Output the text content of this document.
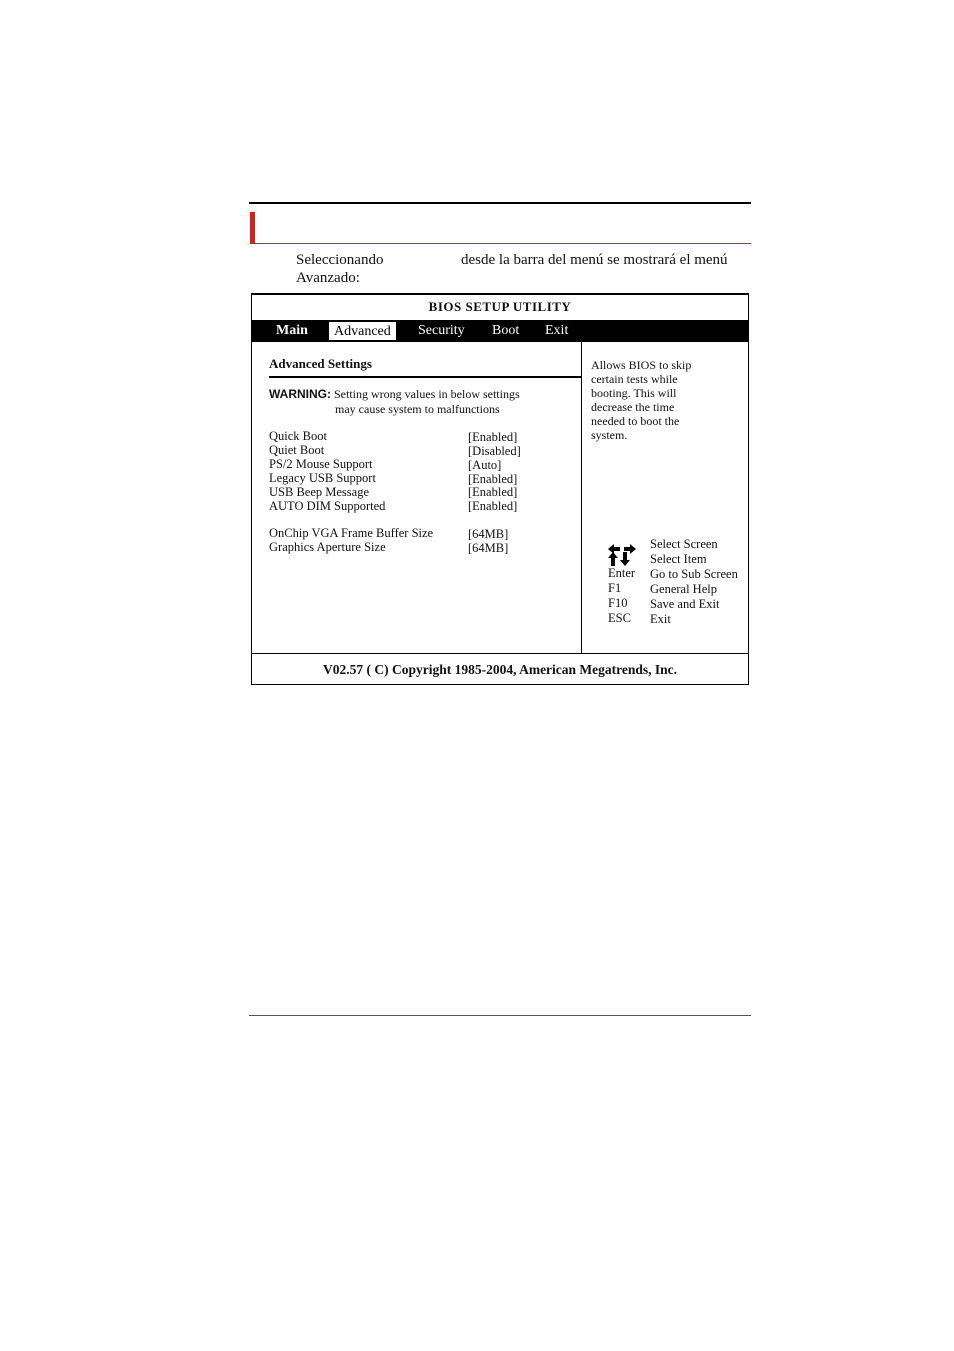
Seleccionando	desde la barra del menú se mostrará el menú
Avanzado:
BIOS SETUP UTILITY
Main	Advanced	Security	Boot	Exit
Advanced Settings
WARNING: Setting wrong values in below settings
may cause system to malfunctions
Quick Boot	[Enabled]
Quiet Boot	[Disabled]
PS/2 Mouse Support	[Auto]
Legacy USB Support	[Enabled]
USB Beep Message	[Enabled]
AUTO DIM Supported	[Enabled]
OnChip VGA Frame Buffer Size	[64MB]
Graphics Aperture Size	[64MB]
Allows BIOS to skip
certain tests while
booting. This will
decrease the time
needed to boot the
system.
Select Screen
Select Item
Enter Go to Sub Screen
F1 General Help
F10 Save and Exit
ESC Exit
V02.57 ( C) Copyright 1985-2004, American Megatrends, Inc.
